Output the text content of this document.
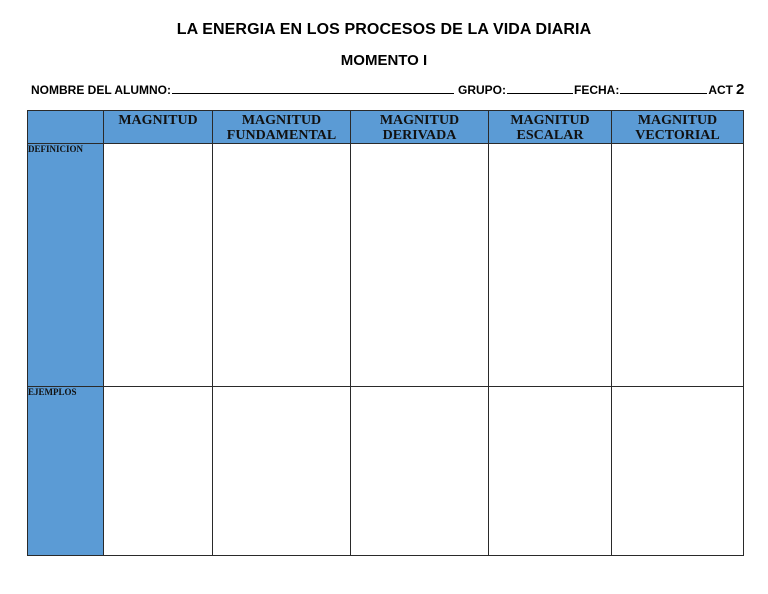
LA ENERGIA EN LOS PROCESOS DE LA VIDA DIARIA
MOMENTO I
NOMBRE DEL ALUMNO:	GRUPO:	FECHA:	ACT 2
	MAGNITUD	MAGNITUD FUNDAMENTAL	MAGNITUD DERIVADA	MAGNITUD ESCALAR	MAGNITUD VECTORIAL
DEFINICION					
EJEMPLOS					
